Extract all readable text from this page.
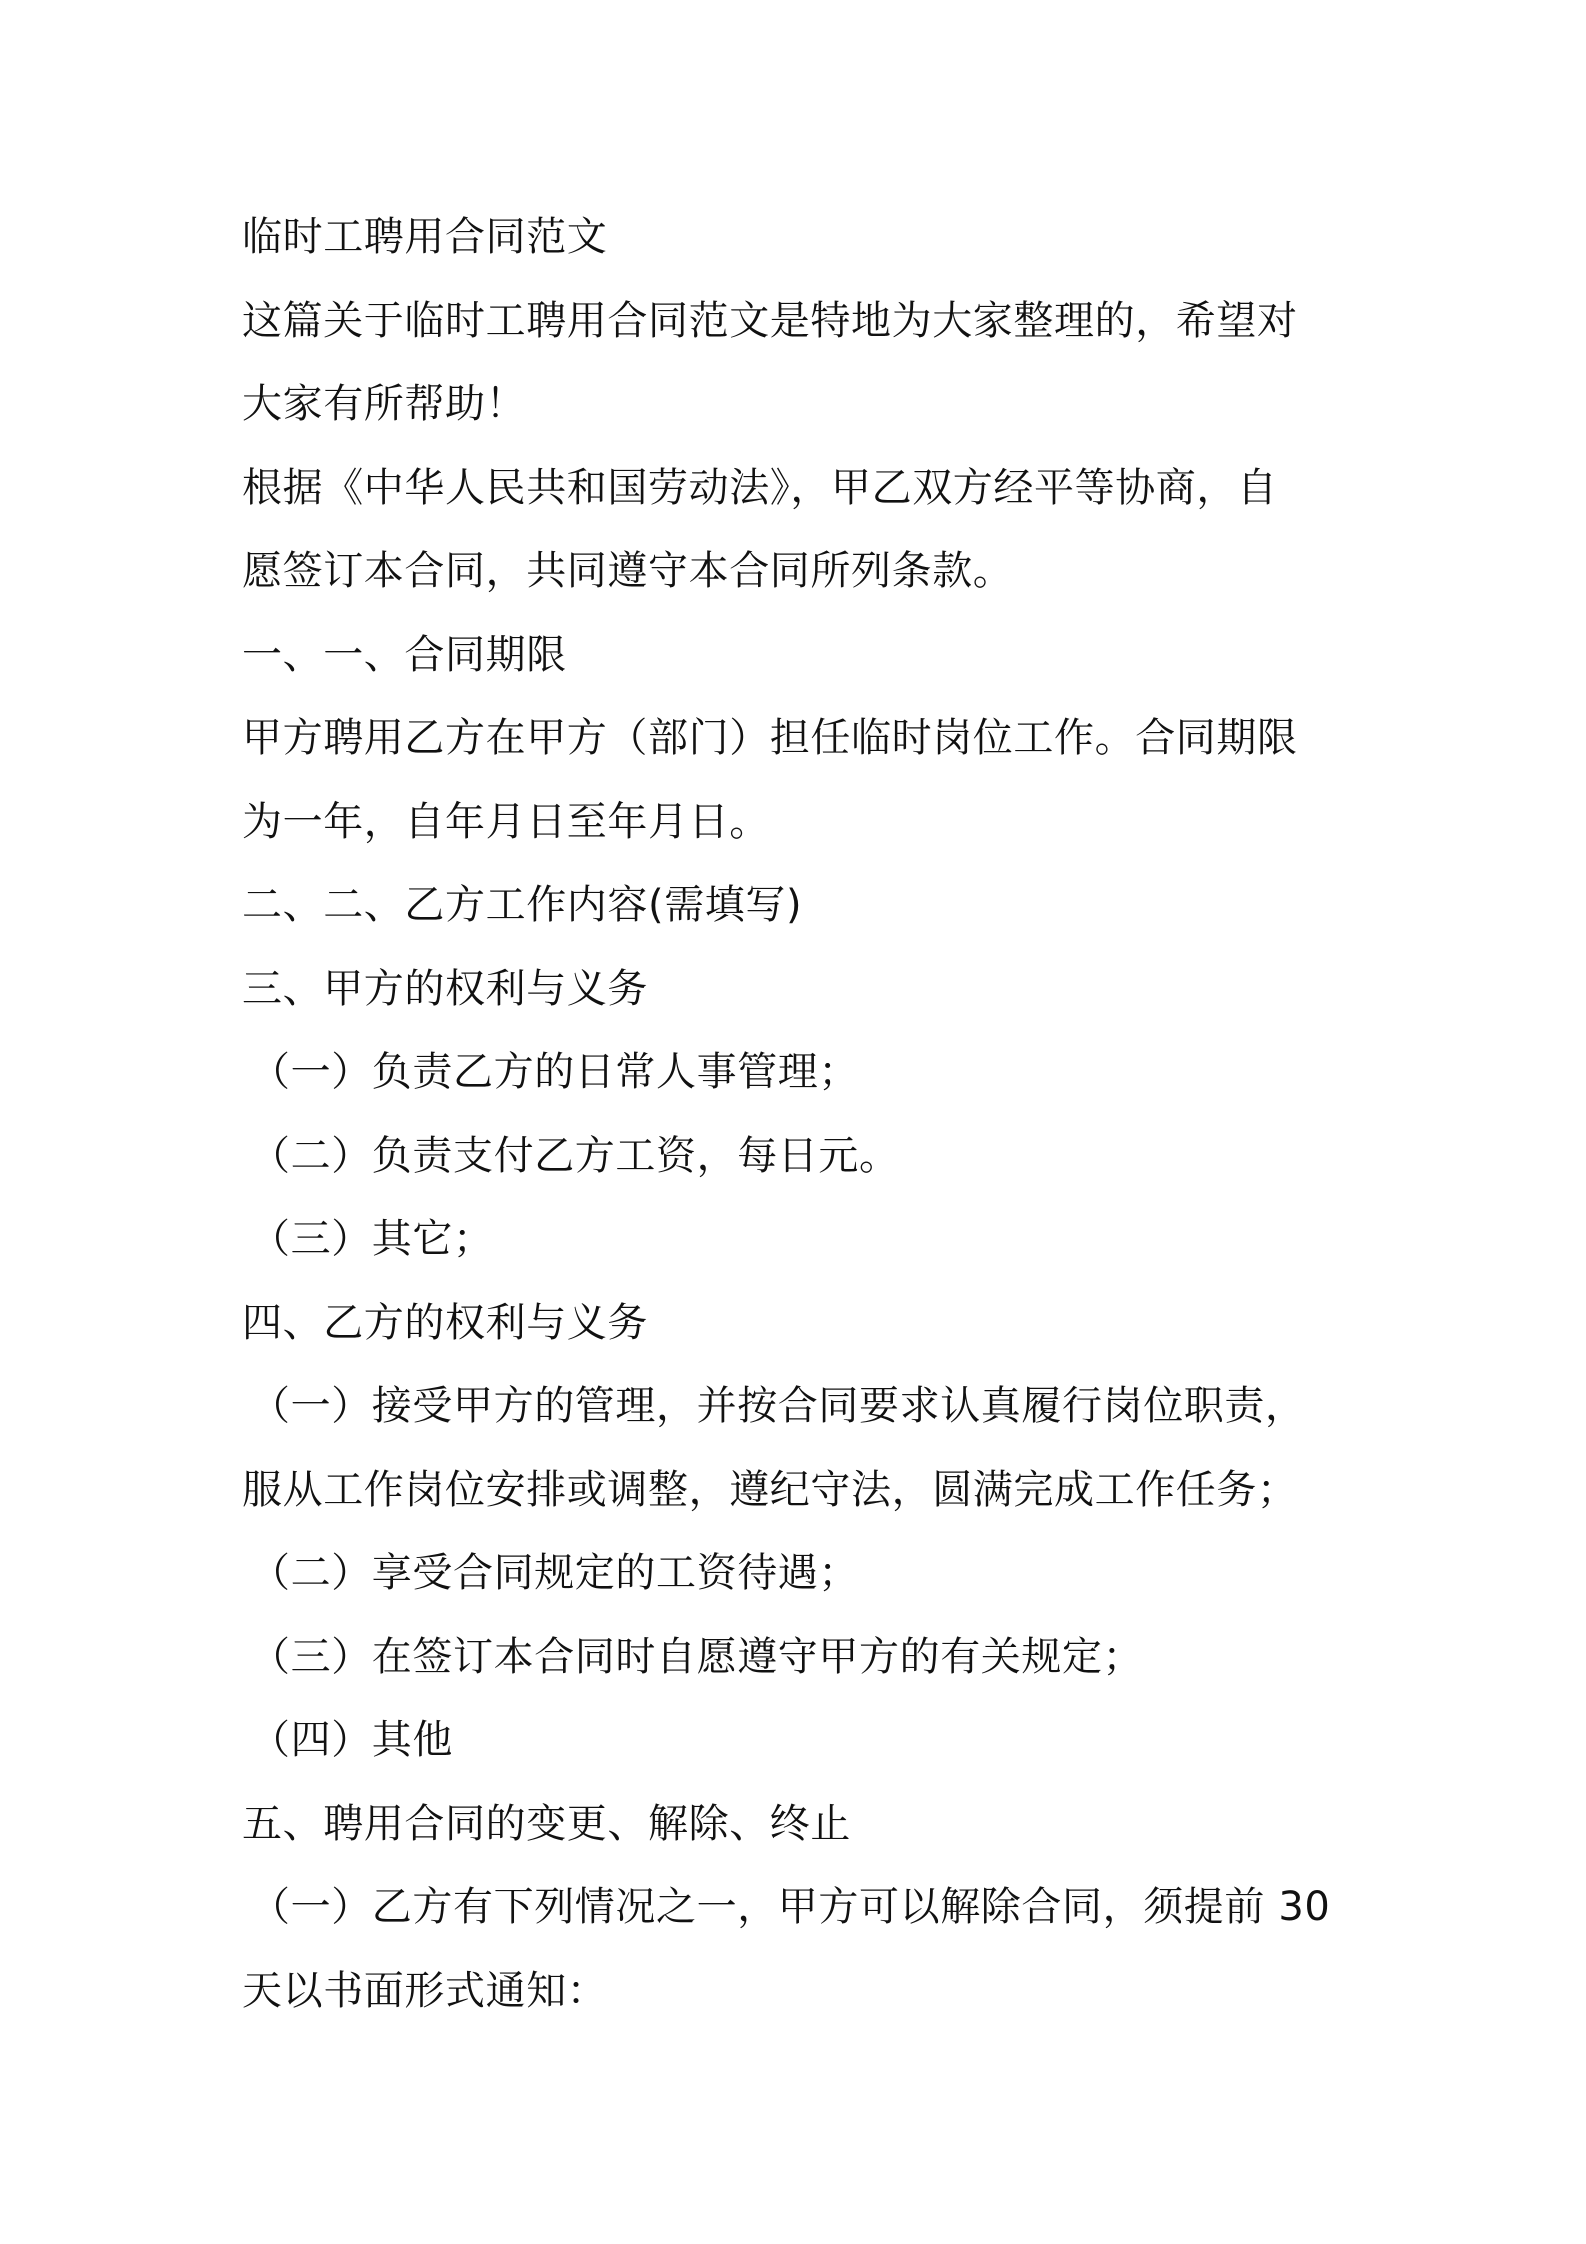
临时工聘用合同范文
这篇关于临时工聘用合同范文是特地为大家整理的，希望对
大家有所帮助！
根据《中华人民共和国劳动法》，甲乙双方经平等协商，自
愿签订本合同，共同遵守本合同所列条款。
一、一、合同期限
甲方聘用乙方在甲方（部门）担任临时岗位工作。合同期限
为一年，自年月日至年月日。
二、二、乙方工作内容(需填写)
三、甲方的权利与义务
（一）负责乙方的日常人事管理；
（二）负责支付乙方工资，每日元。
（三）其它；
四、乙方的权利与义务
（一）接受甲方的管理，并按合同要求认真履行岗位职责，
服从工作岗位安排或调整，遵纪守法，圆满完成工作任务；
（二）享受合同规定的工资待遇；
（三）在签订本合同时自愿遵守甲方的有关规定；
（四）其他
五、聘用合同的变更、解除、终止
（一）乙方有下列情况之一，甲方可以解除合同，须提前 30
天以书面形式通知：
